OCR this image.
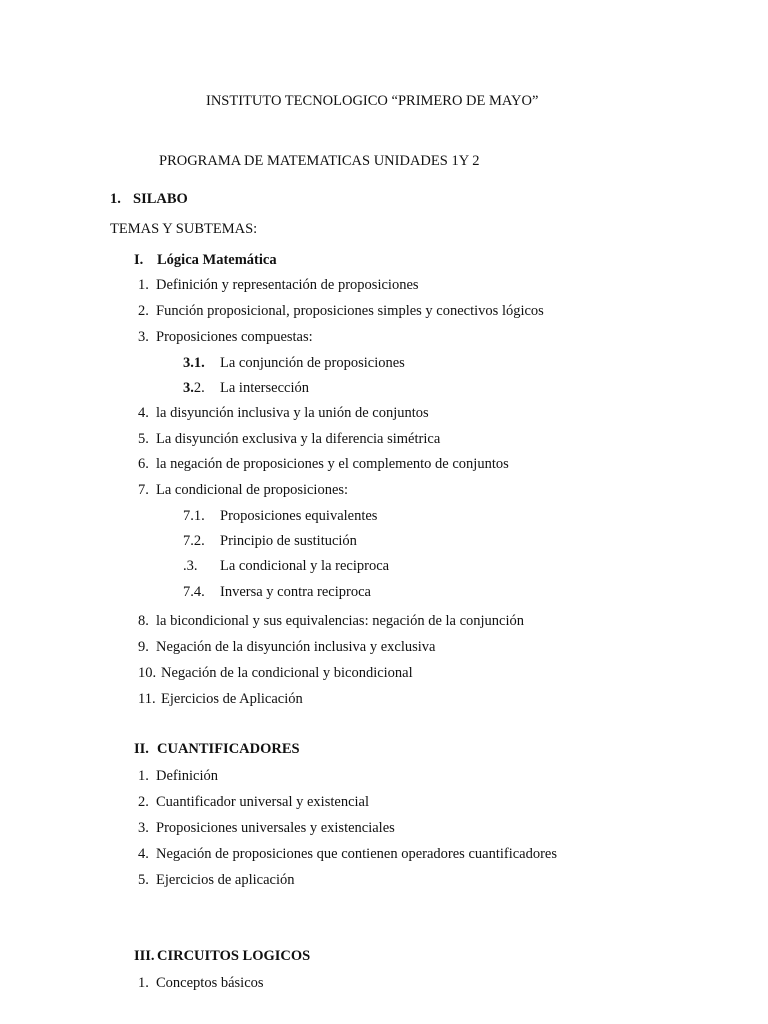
INSTITUTO TECNOLOGICO “PRIMERO DE MAYO”
PROGRAMA DE MATEMATICAS UNIDADES 1Y 2
1. SILABO
TEMAS Y SUBTEMAS:
I. Lógica Matemática
1. Definición y representación de proposiciones
2. Función proposicional, proposiciones simples y conectivos lógicos
3. Proposiciones compuestas:
3.1. La conjunción de proposiciones
3.2. La intersección
4. la disyunción inclusiva y la unión de conjuntos
5. La disyunción exclusiva y la diferencia simétrica
6. la negación de proposiciones y el complemento de conjuntos
7. La condicional de proposiciones:
7.1. Proposiciones equivalentes
7.2. Principio de sustitución
.3. La condicional y la reciproca
7.4. Inversa y contra reciproca
8. la bicondicional y sus equivalencias: negación de la conjunción
9. Negación de la disyunción inclusiva y exclusiva
10. Negación de la condicional y bicondicional
11. Ejercicios de Aplicación
II. CUANTIFICADORES
1. Definición
2. Cuantificador universal y existencial
3. Proposiciones universales y existenciales
4. Negación de proposiciones que contienen operadores cuantificadores
5. Ejercicios de aplicación
III. CIRCUITOS LOGICOS
1. Conceptos básicos
